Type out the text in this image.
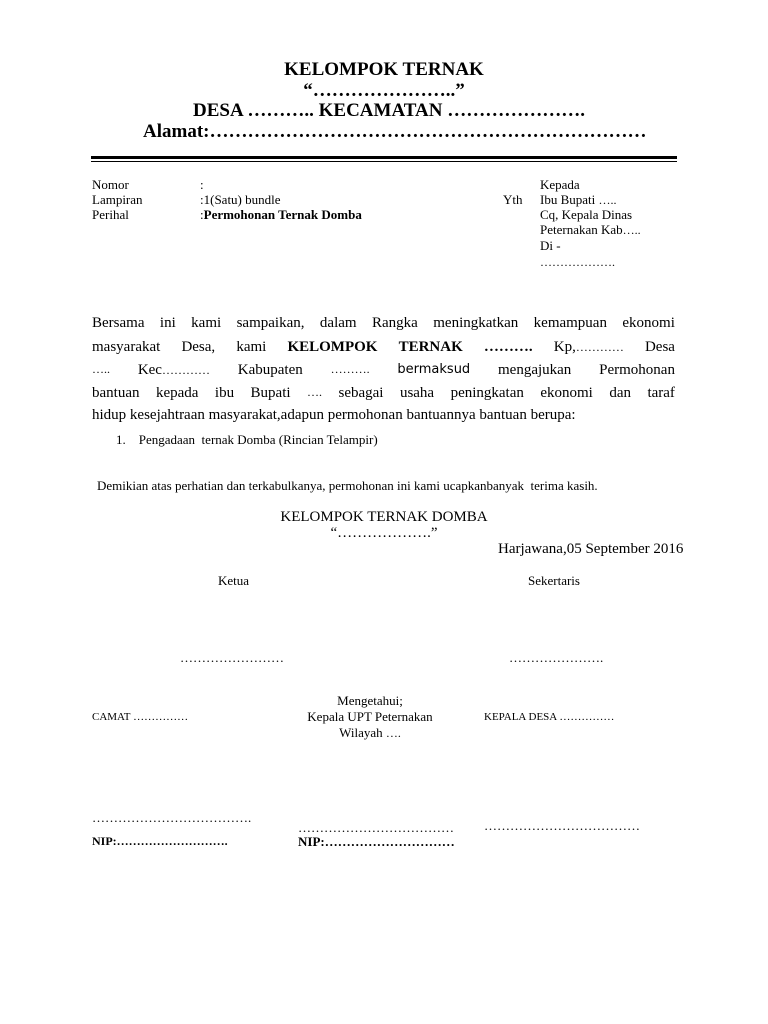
KELOMPOK TERNAK
“…………………..”
DESA ……….. KECAMATAN ………………….
Alamat:……………………………………………………………
Nomor	:
Lampiran	:1(Satu) bundle
Perihal	:Permohonan Ternak Domba
Yth
Kepada
Ibu Bupati …..
Cq, Kepala Dinas
Peternakan Kab…..
Di -
……………….
Bersama ini kami sampaikan, dalam Rangka meningkatkan kemampuan ekonomi
masyarakat Desa, kami KELOMPOK TERNAK ………. Kp,………… Desa
….. Kec………… Kabupaten ………. bermaksud mengajukan Permohonan
bantuan kepada ibu Bupati …. sebagai usaha peningkatan ekonomi dan taraf
hidup kesejahtraan masyarakat,adapun permohonan bantuannya bantuan berupa:
1.    Pengadaan  ternak Domba (Rincian Telampir)
Demikian atas perhatian dan terkabulkanya, permohonan ini kami ucapkanbanyak  terima kasih.
KELOMPOK TERNAK DOMBA
“……………….”
Harjawana,05 September 2016
Ketua	Sekertaris
……………………	………………….
Mengetahui;
Kepala UPT Peternakan
Wilayah ….
CAMAT ……………	KEPALA DESA ……………
……………………………….
NIP:……………………….
………………………………
NIP:…………………………
………………………………
